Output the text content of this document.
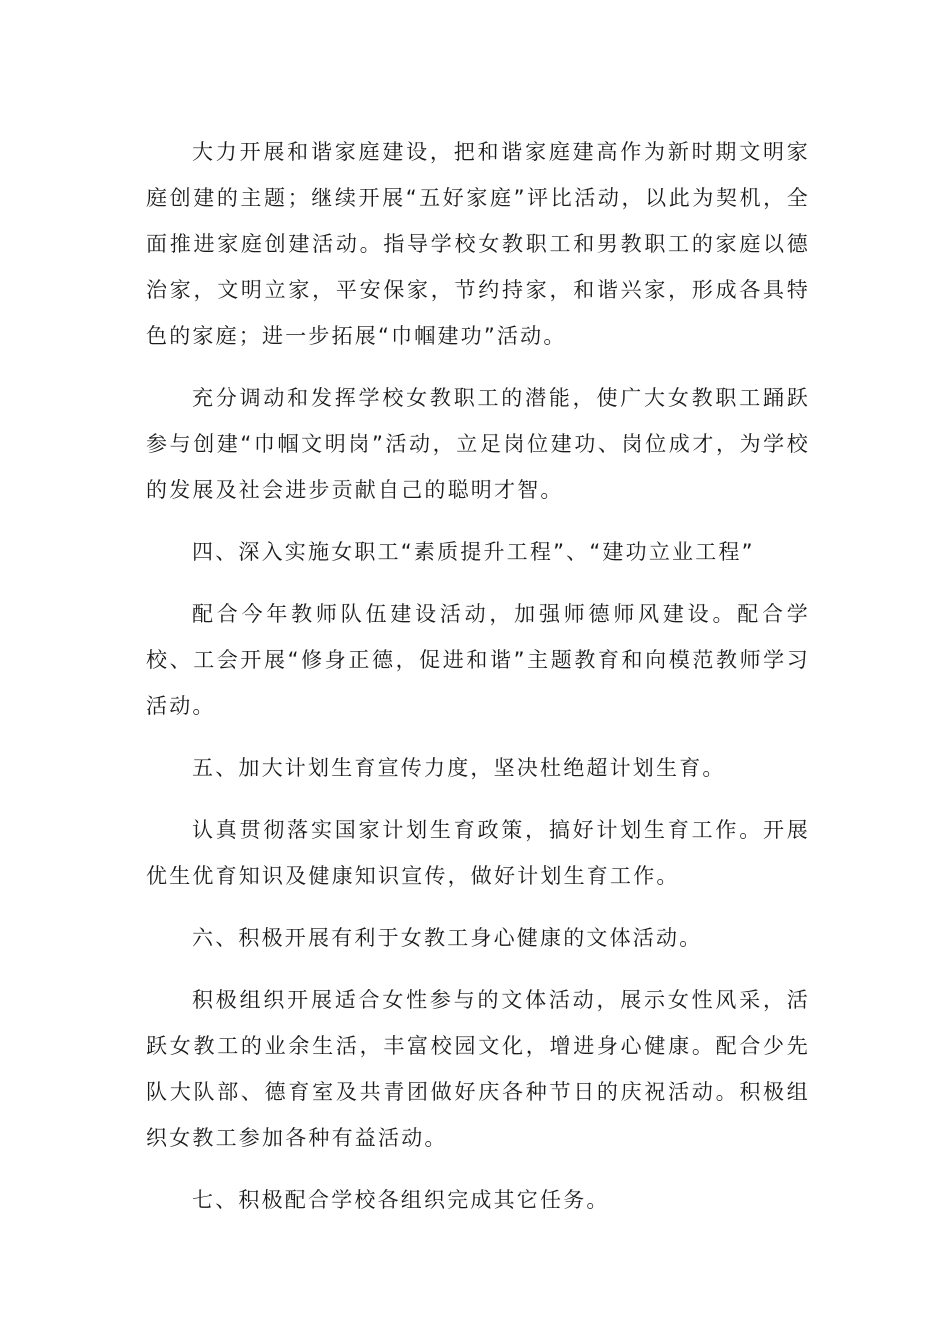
大力开展和谐家庭建设，把和谐家庭建高作为新时期文明家庭创建的主题；继续开展“五好家庭”评比活动，以此为契机，全面推进家庭创建活动。指导学校女教职工和男教职工的家庭以德治家，文明立家，平安保家，节约持家，和谐兴家，形成各具特色的家庭；进一步拓展“巾帼建功”活动。

充分调动和发挥学校女教职工的潜能，使广大女教职工踊跃参与创建“巾帼文明岗”活动，立足岗位建功、岗位成才，为学校的发展及社会进步贡献自己的聪明才智。

四、深入实施女职工“素质提升工程”、“建功立业工程”

配合今年教师队伍建设活动，加强师德师风建设。配合学校、工会开展“修身正德，促进和谐”主题教育和向模范教师学习活动。

五、加大计划生育宣传力度，坚决杜绝超计划生育。

认真贯彻落实国家计划生育政策，搞好计划生育工作。开展优生优育知识及健康知识宣传，做好计划生育工作。

六、积极开展有利于女教工身心健康的文体活动。

积极组织开展适合女性参与的文体活动，展示女性风采，活跃女教工的业余生活，丰富校园文化，增进身心健康。配合少先队大队部、德育室及共青团做好庆各种节日的庆祝活动。积极组织女教工参加各种有益活动。

七、积极配合学校各组织完成其它任务。
